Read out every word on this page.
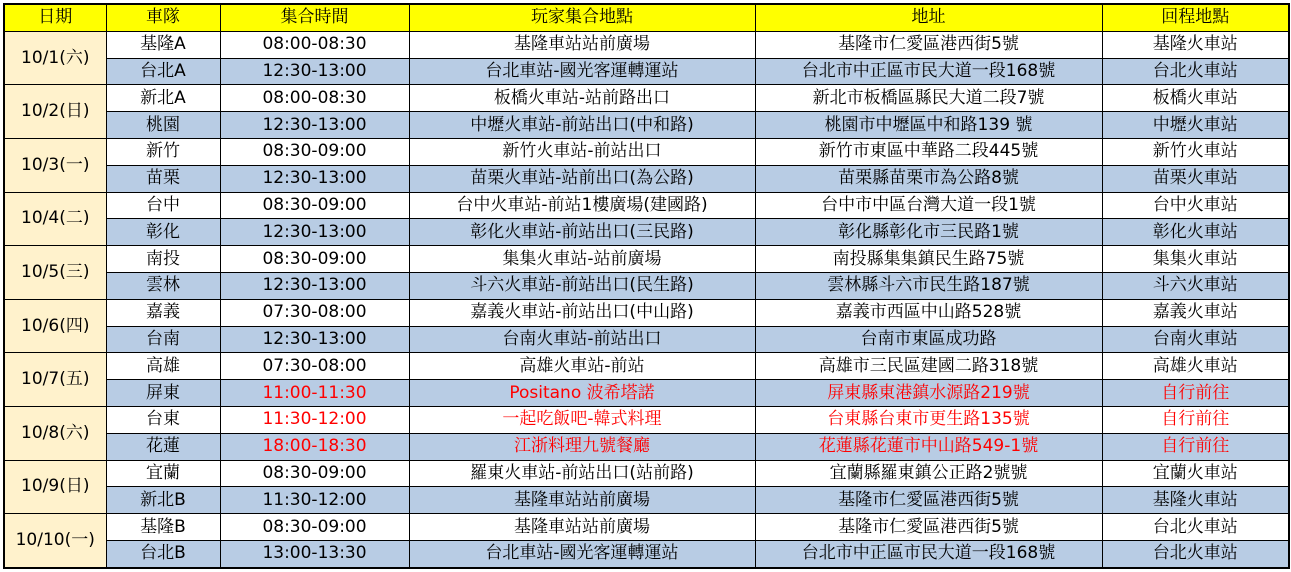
日期	車隊	集合時間	玩家集合地點	地址	回程地點
10/1(六)	基隆A	08:00-08:30	基隆車站站前廣場	基隆市仁愛區港西街5號	基隆火車站
	台北A	12:30-13:00	台北車站-國光客運轉運站	台北市中正區市民大道一段168號	台北火車站
10/2(日)	新北A	08:00-08:30	板橋火車站-站前路出口	新北市板橋區縣民大道二段7號	板橋火車站
	桃園	12:30-13:00	中壢火車站-前站出口(中和路)	桃園市中壢區中和路139 號	中壢火車站
10/3(一)	新竹	08:30-09:00	新竹火車站-前站出口	新竹市東區中華路二段445號	新竹火車站
	苗栗	12:30-13:00	苗栗火車站-站前出口(為公路)	苗栗縣苗栗市為公路8號	苗栗火車站
10/4(二)	台中	08:30-09:00	台中火車站-前站1樓廣場(建國路)	台中市中區台灣大道一段1號	台中火車站
	彰化	12:30-13:00	彰化火車站-前站出口(三民路)	彰化縣彰化市三民路1號	彰化火車站
10/5(三)	南投	08:30-09:00	集集火車站-站前廣場	南投縣集集鎮民生路75號	集集火車站
	雲林	12:30-13:00	斗六火車站-前站出口(民生路)	雲林縣斗六市民生路187號	斗六火車站
10/6(四)	嘉義	07:30-08:00	嘉義火車站-前站出口(中山路)	嘉義市西區中山路528號	嘉義火車站
	台南	12:30-13:00	台南火車站-前站出口	台南市東區成功路	台南火車站
10/7(五)	高雄	07:30-08:00	高雄火車站-前站	高雄市三民區建國二路318號	高雄火車站
	屏東	11:00-11:30	Positano 波希塔諾	屏東縣東港鎮水源路219號	自行前往
10/8(六)	台東	11:30-12:00	一起吃飯吧-韓式料理	台東縣台東市更生路135號	自行前往
	花蓮	18:00-18:30	江浙料理九號餐廳	花蓮縣花蓮市中山路549-1號	自行前往
10/9(日)	宜蘭	08:30-09:00	羅東火車站-前站出口(站前路)	宜蘭縣羅東鎮公正路2號號	宜蘭火車站
	新北B	11:30-12:00	基隆車站站前廣場	基隆市仁愛區港西街5號	基隆火車站
10/10(一)	基隆B	08:30-09:00	基隆車站站前廣場	基隆市仁愛區港西街5號	台北火車站
	台北B	13:00-13:30	台北車站-國光客運轉運站	台北市中正區市民大道一段168號	台北火車站
